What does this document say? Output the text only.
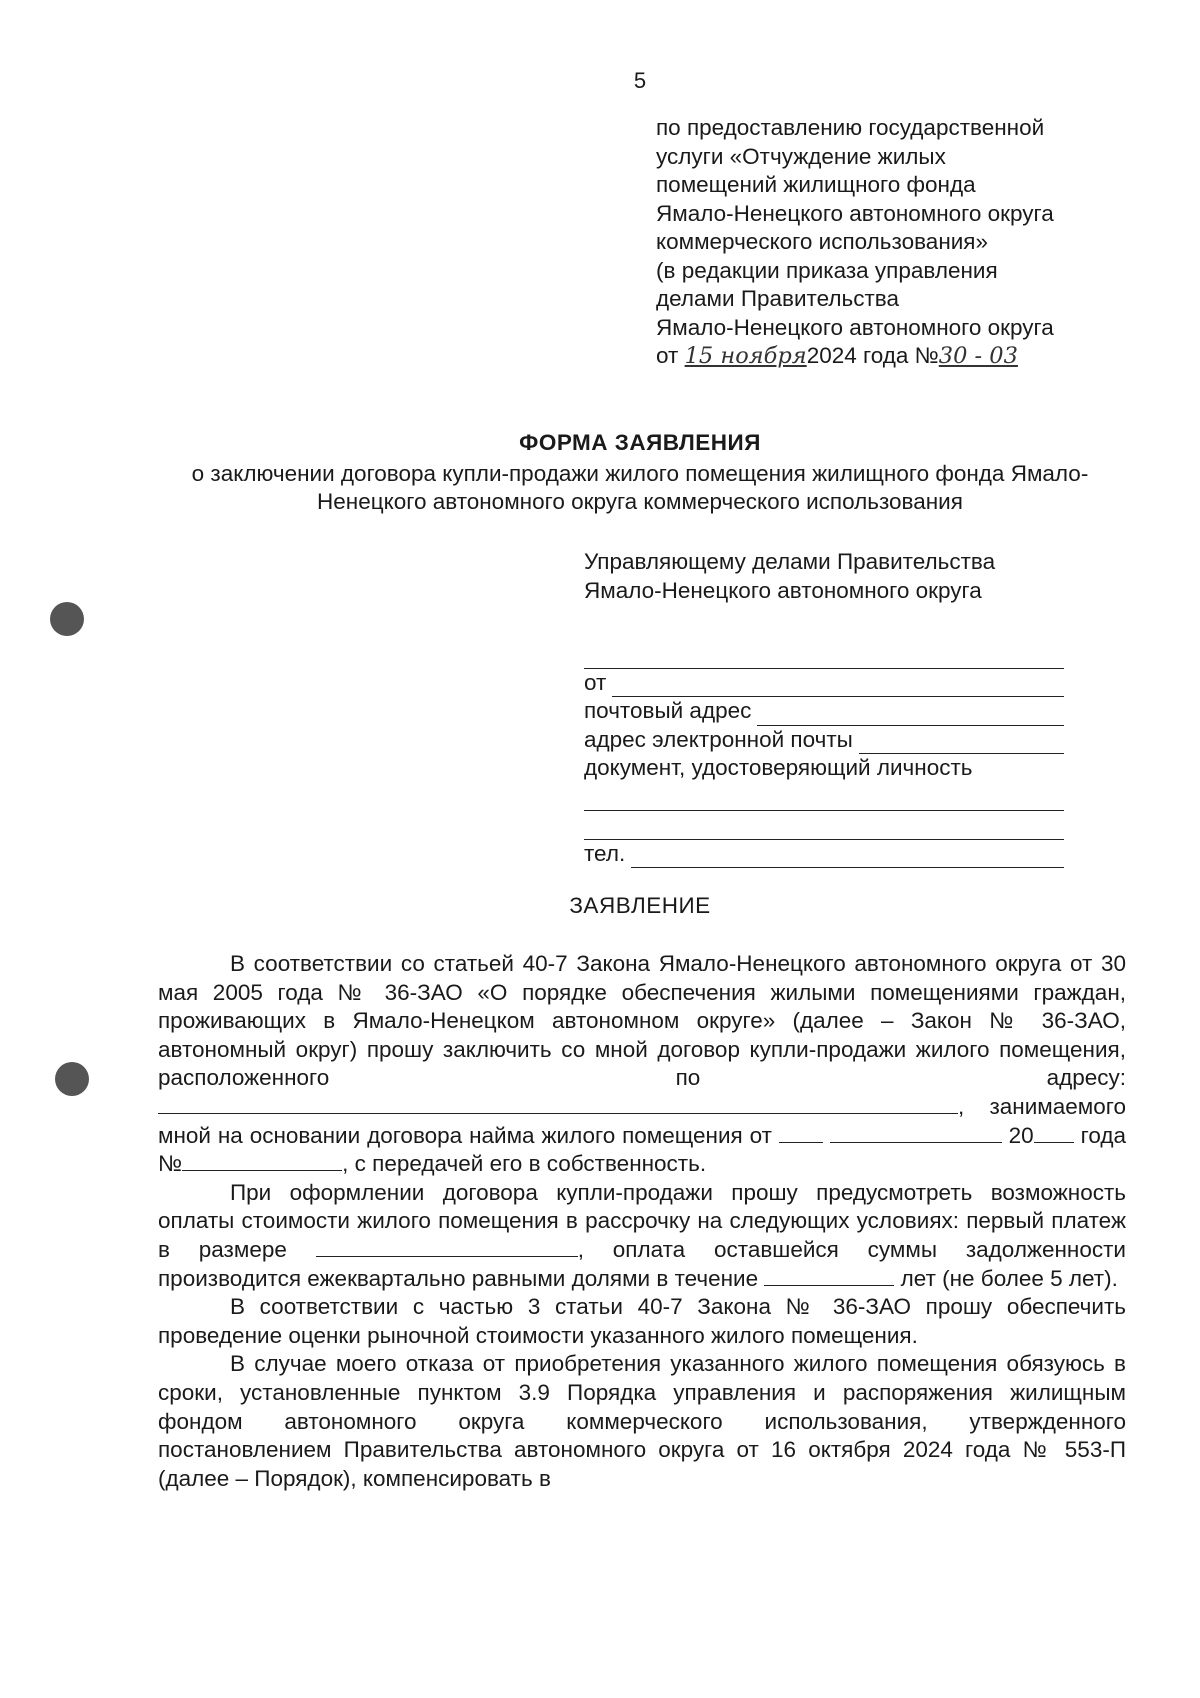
5
по предоставлению государственной
услуги «Отчуждение жилых
помещений жилищного фонда
Ямало-Ненецкого автономного округа
коммерческого использования»
(в редакции приказа управления
делами Правительства
Ямало-Ненецкого автономного округа
от 15 ноября2024 года №30 - 03
ФОРМА ЗАЯВЛЕНИЯ
о заключении договора купли-продажи жилого помещения жилищного фонда Ямало-Ненецкого автономного округа коммерческого использования
Управляющему делами Правительства
Ямало-Ненецкого автономного округа
от
почтовый адрес
адрес электронной почты
документ, удостоверяющий личность
тел.
ЗАЯВЛЕНИЕ

В соответствии со статьей 40-7 Закона Ямало-Ненецкого автономного округа от 30 мая 2005 года № 36-ЗАО «О порядке обеспечения жилыми помещениями граждан, проживающих в Ямало-Ненецком автономном округе» (далее – Закон № 36-ЗАО, автономный округ) прошу заключить со мной договор купли-продажи жилого помещения, расположенного по адресу:, занимаемого мной на основании договора найма жилого помещения от	20 года №	, с передачей его в собственность.

При оформлении договора купли-продажи прошу предусмотреть возможность оплаты стоимости жилого помещения в рассрочку на следующих условиях: первый платеж в размере	, оплата оставшейся суммы задолженности производится ежеквартально равными долями в течение	лет (не более 5 лет).

В соответствии с частью 3 статьи 40-7 Закона № 36-ЗАО прошу обеспечить проведение оценки рыночной стоимости указанного жилого помещения.

В случае моего отказа от приобретения указанного жилого помещения обязуюсь в сроки, установленные пунктом 3.9 Порядка управления и распоряжения жилищным фондом автономного округа коммерческого использования, утвержденного постановлением Правительства автономного округа от 16 октября 2024 года № 553-П (далее – Порядок), компенсировать в
